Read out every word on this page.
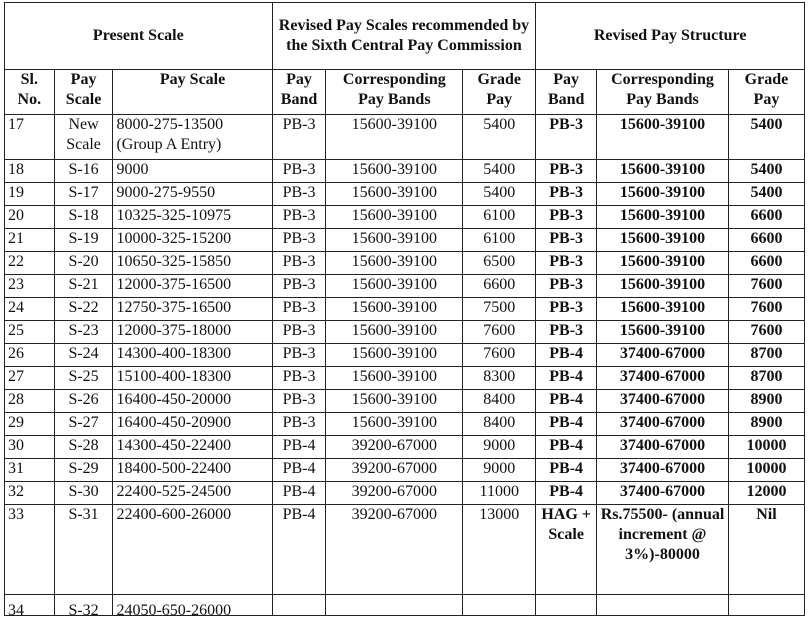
Present Scale			Revised Pay Scales recommended by the Sixth Central Pay Commission			Revised Pay Structure		
Sl. No.	Pay Scale	Pay Scale	Pay Band	Corresponding Pay Bands	Grade Pay	Pay Band	Corresponding Pay Bands	Grade Pay
17	New Scale	8000-275-13500 (Group A Entry)	PB-3	15600-39100	5400	PB-3	15600-39100	5400
18	S-16	9000	PB-3	15600-39100	5400	PB-3	15600-39100	5400
19	S-17	9000-275-9550	PB-3	15600-39100	5400	PB-3	15600-39100	5400
20	S-18	10325-325-10975	PB-3	15600-39100	6100	PB-3	15600-39100	6600
21	S-19	10000-325-15200	PB-3	15600-39100	6100	PB-3	15600-39100	6600
22	S-20	10650-325-15850	PB-3	15600-39100	6500	PB-3	15600-39100	6600
23	S-21	12000-375-16500	PB-3	15600-39100	6600	PB-3	15600-39100	7600
24	S-22	12750-375-16500	PB-3	15600-39100	7500	PB-3	15600-39100	7600
25	S-23	12000-375-18000	PB-3	15600-39100	7600	PB-3	15600-39100	7600
26	S-24	14300-400-18300	PB-3	15600-39100	7600	PB-4	37400-67000	8700
27	S-25	15100-400-18300	PB-3	15600-39100	8300	PB-4	37400-67000	8700
28	S-26	16400-450-20000	PB-3	15600-39100	8400	PB-4	37400-67000	8900
29	S-27	16400-450-20900	PB-3	15600-39100	8400	PB-4	37400-67000	8900
30	S-28	14300-450-22400	PB-4	39200-67000	9000	PB-4	37400-67000	10000
31	S-29	18400-500-22400	PB-4	39200-67000	9000	PB-4	37400-67000	10000
32	S-30	22400-525-24500	PB-4	39200-67000	11000	PB-4	37400-67000	12000
33	S-31	22400-600-26000	PB-4	39200-67000	13000	HAG + Scale	Rs.75500- (annual increment @ 3%)-80000	Nil
34	S-32	24050-650-26000						
